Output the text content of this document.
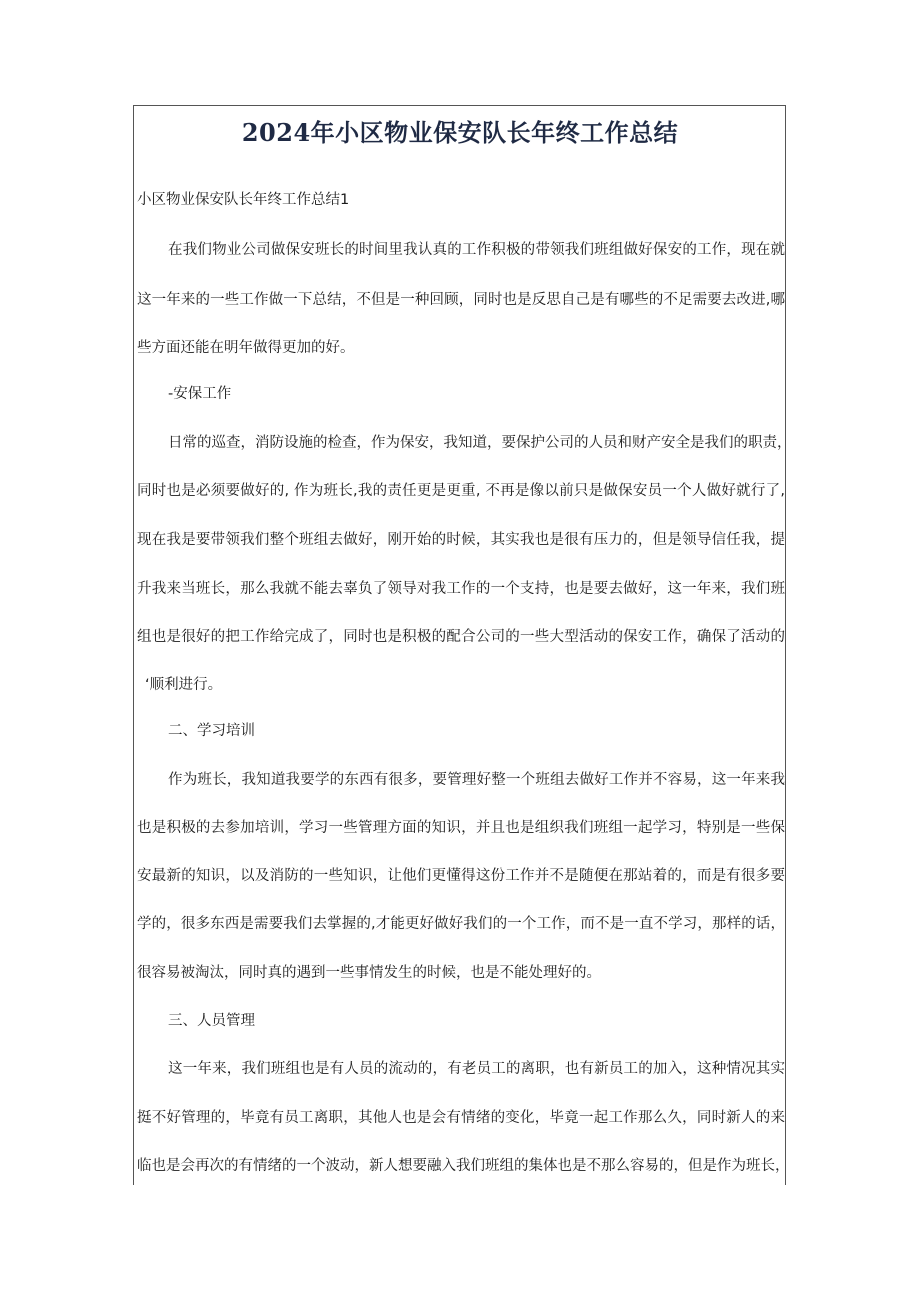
2024年小区物业保安队长年终工作总结
小区物业保安队长年终工作总结1
在我们物业公司做保安班长的时间里我认真的工作积极的带领我们班组做好保安的工作，现在就
这一年来的一些工作做一下总结，不但是一种回顾，同时也是反思自己是有哪些的不足需要去改进,哪
些方面还能在明年做得更加的好。
-安保工作
日常的巡查，消防设施的检查，作为保安，我知道，要保护公司的人员和财产安全是我们的职责，
同时也是必须要做好的, 作为班长,我的责任更是更重, 不再是像以前只是做保安员一个人做好就行了,
现在我是要带领我们整个班组去做好，刚开始的时候，其实我也是很有压力的，但是领导信任我，提
升我来当班长，那么我就不能去辜负了领导对我工作的一个支持，也是要去做好，这一年来，我们班
组也是很好的把工作给完成了，同时也是积极的配合公司的一些大型活动的保安工作，确保了活动的
‘顺利进行。
二、学习培训
作为班长，我知道我要学的东西有很多，要管理好整一个班组去做好工作并不容易，这一年来我
也是积极的去参加培训，学习一些管理方面的知识，并且也是组织我们班组一起学习，特别是一些保
安最新的知识，以及消防的一些知识，让他们更懂得这份工作并不是随便在那站着的，而是有很多要
学的，很多东西是需要我们去掌握的,才能更好做好我们的一个工作，而不是一直不学习，那样的话，
很容易被淘汰，同时真的遇到一些事情发生的时候，也是不能处理好的。
三、人员管理
这一年来，我们班组也是有人员的流动的，有老员工的离职，也有新员工的加入，这种情况其实
挺不好管理的，毕竟有员工离职，其他人也是会有情绪的变化，毕竟一起工作那么久，同时新人的来
临也是会再次的有情绪的一个波动，新人想要融入我们班组的集体也是不那么容易的，但是作为班长，
